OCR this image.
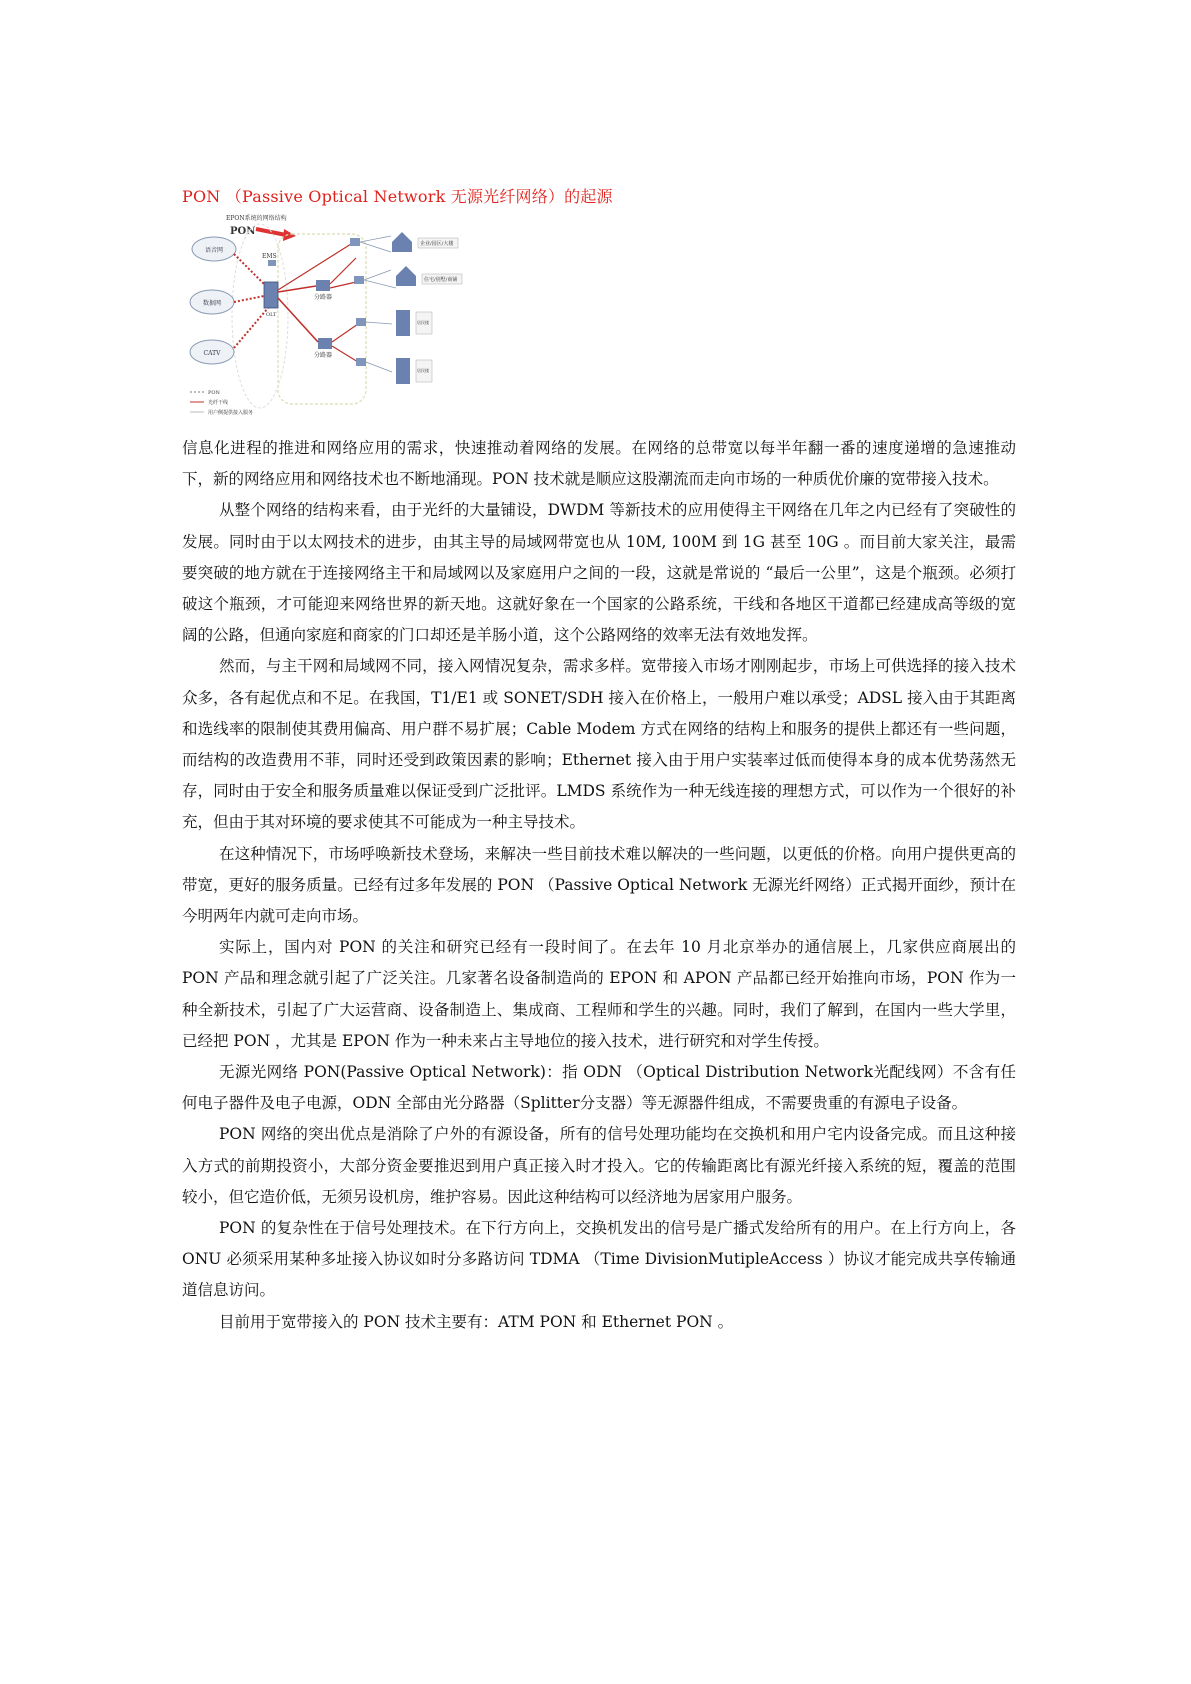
PON （Passive Optical Network 无源光纤网络）的起源
EPON系统的网络结构
PON
语音网
数据网
CATV
EMS
OLT
分路器
分路器
企业/园区/大楼
住宅/别墅/商铺
居民楼
居民楼
PON
光纤干线
用户侧提供接入服务

信息化进程的推进和网络应用的需求，快速推动着网络的发展。在网络的总带宽以每半年翻一番的速度递增的急速推动下，新的网络应用和网络技术也不断地涌现。PON 技术就是顺应这股潮流而走向市场的一种质优价廉的宽带接入技术。

从整个网络的结构来看，由于光纤的大量铺设，DWDM 等新技术的应用使得主干网络在几年之内已经有了突破性的发展。同时由于以太网技术的进步，由其主导的局域网带宽也从 10M, 100M 到 1G 甚至 10G 。而目前大家关注，最需要突破的地方就在于连接网络主干和局域网以及家庭用户之间的一段，这就是常说的 “最后一公里”，这是个瓶颈。必须打破这个瓶颈，才可能迎来网络世界的新天地。这就好象在一个国家的公路系统，干线和各地区干道都已经建成高等级的宽阔的公路，但通向家庭和商家的门口却还是羊肠小道，这个公路网络的效率无法有效地发挥。

然而，与主干网和局域网不同，接入网情况复杂，需求多样。宽带接入市场才刚刚起步，市场上可供选择的接入技术众多，各有起优点和不足。在我国，T1/E1 或 SONET/SDH 接入在价格上，一般用户难以承受；ADSL 接入由于其距离和选线率的限制使其费用偏高、用户群不易扩展；Cable Modem 方式在网络的结构上和服务的提供上都还有一些问题，而结构的改造费用不菲，同时还受到政策因素的影响；Ethernet 接入由于用户实装率过低而使得本身的成本优势荡然无存，同时由于安全和服务质量难以保证受到广泛批评。LMDS 系统作为一种无线连接的理想方式，可以作为一个很好的补充，但由于其对环境的要求使其不可能成为一种主导技术。

在这种情况下，市场呼唤新技术登场，来解决一些目前技术难以解决的一些问题，以更低的价格。向用户提供更高的带宽，更好的服务质量。已经有过多年发展的 PON （Passive Optical Network 无源光纤网络）正式揭开面纱，预计在今明两年内就可走向市场。

实际上，国内对 PON 的关注和研究已经有一段时间了。在去年 10 月北京举办的通信展上，几家供应商展出的 PON 产品和理念就引起了广泛关注。几家著名设备制造尚的 EPON 和 APON 产品都已经开始推向市场，PON 作为一种全新技术，引起了广大运营商、设备制造上、集成商、工程师和学生的兴趣。同时，我们了解到，在国内一些大学里，已经把 PON ，尤其是 EPON 作为一种未来占主导地位的接入技术，进行研究和对学生传授。

无源光网络 PON(Passive Optical Network)：指 ODN （Optical Distribution Network光配线网）不含有任何电子器件及电子电源，ODN 全部由光分路器（Splitter分支器）等无源器件组成，不需要贵重的有源电子设备。

PON 网络的突出优点是消除了户外的有源设备，所有的信号处理功能均在交换机和用户宅内设备完成。而且这种接入方式的前期投资小，大部分资金要推迟到用户真正接入时才投入。它的传输距离比有源光纤接入系统的短，覆盖的范围较小，但它造价低，无须另设机房，维护容易。因此这种结构可以经济地为居家用户服务。

PON 的复杂性在于信号处理技术。在下行方向上，交换机发出的信号是广播式发给所有的用户。在上行方向上，各 ONU 必须采用某种多址接入协议如时分多路访问 TDMA （Time DivisionMutipleAccess ）协议才能完成共享传输通道信息访问。

目前用于宽带接入的 PON 技术主要有：ATM PON 和 Ethernet PON 。
